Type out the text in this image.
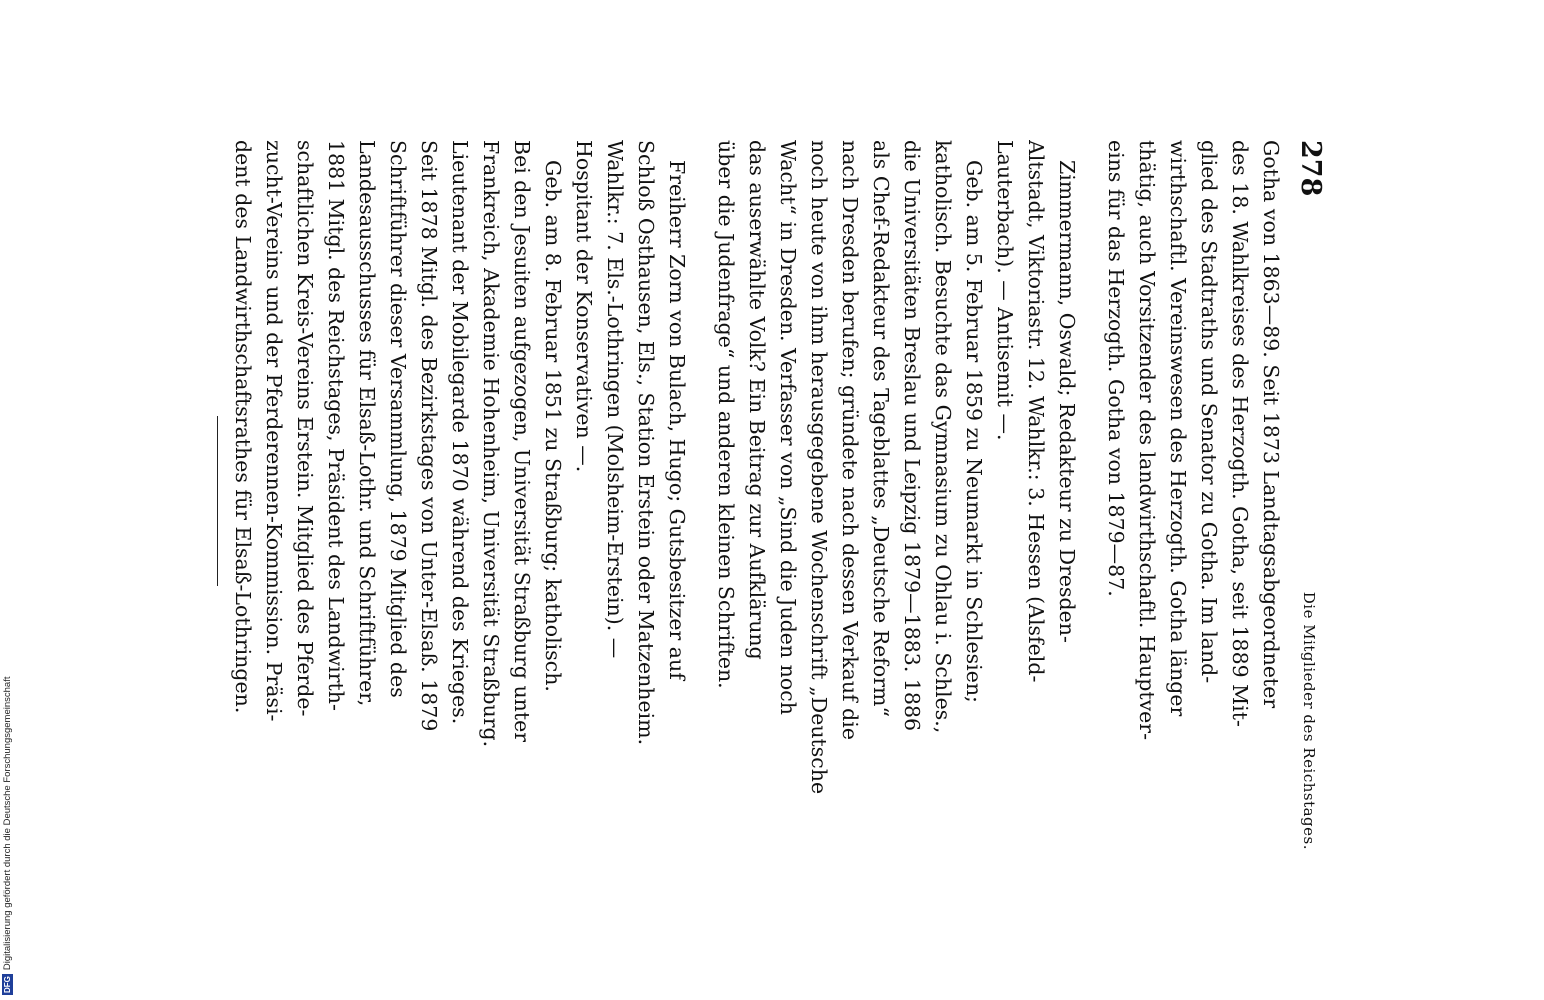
278
Die Mitglieder des Reichstages.

Gotha von 1863—89. Seit 1873 Landtagsabgeordneter
des 18. Wahlkreises des Herzogth. Gotha, seit 1889 Mit-
glied des Stadtraths und Senator zu Gotha. Im land-
wirthschaftl. Vereinswesen des Herzogth. Gotha länger
thätig, auch Vorsitzender des landwirthschaftl. Hauptver-
eins für das Herzogth. Gotha von 1879—87.

Zimmermann, Oswald; Redakteur zu Dresden-
Altstadt, Viktoriastr. 12. Wahlkr.: 3. Hessen (Alsfeld-
Lauterbach). — Antisemit —.
Geb. am 5. Februar 1859 zu Neumarkt in Schlesien;
katholisch. Besuchte das Gymnasium zu Ohlau i. Schles.,
die Universitäten Breslau und Leipzig 1879—1883. 1886
als Chef-Redakteur des Tageblattes „Deutsche Reform“
nach Dresden berufen; gründete nach dessen Verkauf die
noch heute von ihm herausgegebene Wochenschrift „Deutsche
Wacht“ in Dresden. Verfasser von „Sind die Juden noch
das auserwählte Volk? Ein Beitrag zur Aufklärung
über die Judenfrage“ und anderen kleinen Schriften.

Freiherr Zorn von Bulach, Hugo; Gutsbesitzer auf
Schloß Osthausen, Els., Station Erstein oder Matzenheim.
Wahlkr.: 7. Els.-Lothringen (Molsheim-Erstein). —
Hospitant der Konservativen —.
Geb. am 8. Februar 1851 zu Straßburg; katholisch.
Bei den Jesuiten aufgezogen, Universität Straßburg unter
Frankreich, Akademie Hohenheim, Universität Straßburg.
Lieutenant der Mobilegarde 1870 während des Krieges.
Seit 1878 Mitgl. des Bezirkstages von Unter-Elsaß. 1879
Schriftführer dieser Versammlung, 1879 Mitglied des
Landesausschusses für Elsaß-Lothr. und Schriftführer,
1881 Mitgl. des Reichstages, Präsident des Landwirth-
schaftlichen Kreis-Vereins Erstein. Mitglied des Pferde-
zucht-Vereins und der Pferderennen-Kommission. Präsi-
dent des Landwirthschaftsrathes für Elsaß-Lothringen.

DFG
Digitalisierung gefördert durch die Deutsche Forschungsgemeinschaft
